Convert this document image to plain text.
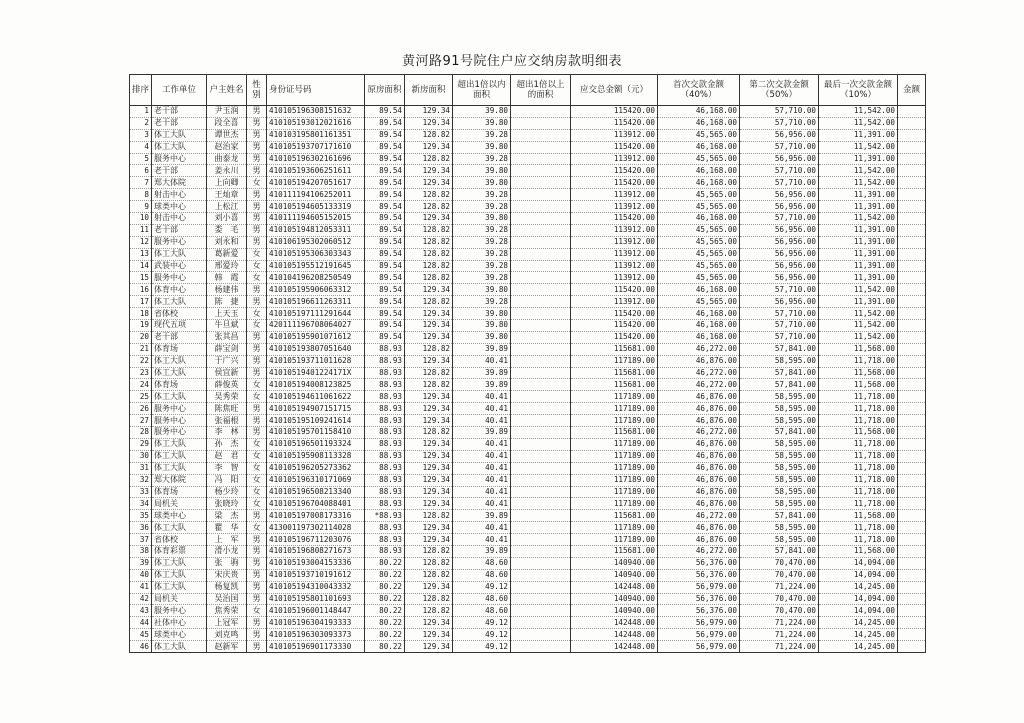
黄河路91号院住户应交纳房款明细表
排序	工作单位	户主姓名	性别	身份证号码	原房面积	新房面积	超出1倍以内面积	超出1倍以上的面积	应交总金额（元）	首次交款金额（40%）	第二次交款金额（50%）	最后一次交款金额（10%）	金额
1	老干部	尹玉润	男	410105196308151632	89.54	129.34	39.80		115420.00	46,168.00	57,710.00	11,542.00	
2	老干部	段全喜	男	410105193012021616	89.54	129.34	39.80		115420.00	46,168.00	57,710.00	11,542.00	
3	体工大队	谭世杰	男	410103195801161351	89.54	128.82	39.28		113912.00	45,565.00	56,956.00	11,391.00	
4	体工大队	赵治家	男	410105193707171610	89.54	129.34	39.80		115420.00	46,168.00	57,710.00	11,542.00	
5	服务中心	曲泰龙	男	410105196302161696	89.54	128.82	39.28		113912.00	45,565.00	56,956.00	11,391.00	
6	老干部	姜永川	男	410105193606251611	89.54	129.34	39.80		115420.00	46,168.00	57,710.00	11,542.00	
7	郑大体院	上向卿	女	410105194207051617	89.54	129.34	39.80		115420.00	46,168.00	57,710.00	11,542.00	
8	射击中心	王灿章	男	410111194106252011	89.54	128.82	39.28		113912.00	45,565.00	56,956.00	11,391.00	
9	球类中心	上松江	男	410105194605133319	89.54	128.82	39.28		113912.00	45,565.00	56,956.00	11,391.00	
10	射击中心	刘小喜	男	410111194605152015	89.54	129.34	39.80		115420.00	46,168.00	57,710.00	11,542.00	
11	老干部	娄　毛	男	410105194812053311	89.54	128.82	39.28		113912.00	45,565.00	56,956.00	11,391.00	
12	服务中心	刘永和	男	410106195302060512	89.54	128.82	39.28		113912.00	45,565.00	56,956.00	11,391.00	
13	体工大队	葛新爱	女	410105195306303343	89.54	128.82	39.28		113912.00	45,565.00	56,956.00	11,391.00	
14	武装中心	邢爱玲	女	410105195512191645	89.54	128.82	39.28		113912.00	45,565.00	56,956.00	11,391.00	
15	服务中心	韩　霞	女	410104196208250549	89.54	128.82	39.28		113912.00	45,565.00	56,956.00	11,391.00	
16	体育中心	杨建伟	男	410105195906063312	89.54	129.34	39.80		115420.00	46,168.00	57,710.00	11,542.00	
17	体工大队	陈　捷	男	410105196611263311	89.54	128.82	39.28		113912.00	45,565.00	56,956.00	11,391.00	
18	省体校	上天玉	女	410105197111291644	89.54	129.34	39.80		115420.00	46,168.00	57,710.00	11,542.00	
19	现代五项	牛旦斌	女	420111196708064027	89.54	129.34	39.80		115420.00	46,168.00	57,710.00	11,542.00	
20	老干部	张其昌	男	410105195901071612	89.54	129.34	39.80		115420.00	46,168.00	57,710.00	11,542.00	
21	体育场	薛宝剑	男	410105193807051640	88.93	128.82	39.89		115681.00	46,272.00	57,841.00	11,568.00	
22	体工大队	于广兴	男	410105193711011628	88.93	129.34	40.41		117189.00	46,876.00	58,595.00	11,718.00	
23	体工大队	侯宜新	男	41010519401224171X	88.93	128.82	39.89		115681.00	46,272.00	57,841.00	11,568.00	
24	体育场	薛俊英	女	410105194008123825	88.93	128.82	39.89		115681.00	46,272.00	57,841.00	11,568.00	
25	体工大队	吴秀荣	女	410105194611061622	88.93	129.34	40.41		117189.00	46,876.00	58,595.00	11,718.00	
26	服务中心	陈焦旺	男	410105194907151715	88.93	129.34	40.41		117189.00	46,876.00	58,595.00	11,718.00	
27	服务中心	张福根	男	410105195109241614	88.93	129.34	40.41		117189.00	46,876.00	58,595.00	11,718.00	
28	服务中心	李　林	男	410105195701158410	88.93	128.82	39.89		115681.00	46,272.00	57,841.00	11,568.00	
29	体工大队	孙　杰	女	410105196501193324	88.93	129.34	40.41		117189.00	46,876.00	58,595.00	11,718.00	
30	体工大队	赵　君	女	410105195908113328	88.93	129.34	40.41		117189.00	46,876.00	58,595.00	11,718.00	
31	体工大队	李　智	女	410105196205273362	88.93	129.34	40.41		117189.00	46,876.00	58,595.00	11,718.00	
32	郑大体院	冯　阳	女	410105196310171069	88.93	129.34	40.41		117189.00	46,876.00	58,595.00	11,718.00	
33	体育场	杨少玲	女	410105196508213340	88.93	129.34	40.41		117189.00	46,876.00	58,595.00	11,718.00	
34	局机关	张晓玲	女	410105196704088401	88.93	129.34	40.41		117189.00	46,876.00	58,595.00	11,718.00	
35	球类中心	梁　杰	男	410105197008173316	*88.93	128.82	39.89		115681.00	46,272.00	57,841.00	11,568.00	
36	体工大队	瞿　华	女	413001197302114028	88.93	129.34	40.41		117189.00	46,876.00	58,595.00	11,718.00	
37	省体校	上　军	男	410105196711203076	88.93	129.34	40.41		117189.00	46,876.00	58,595.00	11,718.00	
38	体育彩票	滑小龙	男	410105196808271673	88.93	128.82	39.89		115681.00	46,272.00	57,841.00	11,568.00	
39	体工大队	张　驹	男	410105193004153336	80.22	128.82	48.60		140940.00	56,376.00	70,470.00	14,094.00	
40	体工大队	宋庆贵	男	410105193710191612	80.22	128.82	48.60		140940.00	56,376.00	70,470.00	14,094.00	
41	体工大队	杨复凯	男	410105194310043332	80.22	129.34	49.12		142448.00	56,979.00	71,224.00	14,245.00	
42	局机关	吴治国	男	410105195801101693	80.22	128.82	48.60		140940.00	56,376.00	70,470.00	14,094.00	
43	服务中心	焦秀荣	女	410105196001148447	80.22	128.82	48.60		140940.00	56,376.00	70,470.00	14,094.00	
44	社体中心	上冠军	男	410105196304193333	80.22	129.34	49.12		142448.00	56,979.00	71,224.00	14,245.00	
45	球类中心	刘克鸣	男	410105196303093373	80.22	129.34	49.12		142448.00	56,979.00	71,224.00	14,245.00	
46	体工大队	赵新军	男	410105196901173330	80.22	129.34	49.12		142448.00	56,979.00	71,224.00	14,245.00	
